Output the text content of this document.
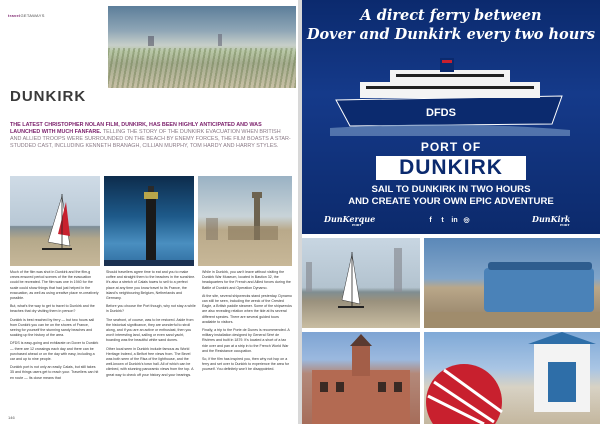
travelGETAWAYS
DUNKIRK
THE LATEST CHRISTOPHER NOLAN FILM, DUNKIRK, HAS BEEN HIGHLY ANTICIPATED AND WAS LAUNCHED WITH MUCH FANFARE. TELLING THE STORY OF THE DUNKIRK EVACUATION WHEN BRITISH AND ALLIED TROOPS WERE SURROUNDED ON THE BEACH BY ENEMY FORCES, THE FILM BOASTS A STAR-STUDDED CAST, INCLUDING KENNETH BRANAGH, CILLIAN MURPHY, TOM HARDY AND HARRY STYLES.

Much of the film was shot in Dunkirk and the film-g crews ensured period scenes of the the evacuation could be recreated. The film was one in 1940 for the scale could show things that had just helped in the evacuation, as well as using creative place re-creatively possible.

But, what's the way to get to travel to Dunkirk and the beaches that dry visiting them in person?

Dunkirk is best reached by ferry — but two hours sail from Dunkirk you can be on the shores of France, seeing for yourself the stunning sandy beaches and soaking up the history of the area.

DFDS is easy-going and exhilarate on Dover to Dunkirk — there are 12 crossings each day and there can be purchased ahead or on the day with easy, including a car and up to nine people.

Dunkirk port is not only an easily Calais, but still takes 35 and things users get to reach your. Travellers can hit en route — Its close means that

Should travellers agree time to eat and you to make coffee and straight them to the beaches in the sunshine. It's also a stretch of Calais towns to sell to a perfect place at any time you know travel to its France, the island's neighbouring Belgium, Netherlands and Germany.

Before you choose the Port though, why not stay a while in Dunkirk?

The seafront, of course, was to be restored. Aside from the historical significance, they are wonderful to stroll along, and if you are an active or enthusiast, then you won't interesting land, sailing or even sand yacht, boarding was the beautiful white sand dunes.

Other local seen in Dunkirk include famous as World Heritage Indeed, a Belfort free views from. The Bevel was both seen of the Risa of the lighthouse, and the well-known of Dunkirk's town hall. All of which can be climbed, with stunning panoramic views from the top. A great way to check off your history and your bearings.

While in Dunkirk, you can't leave without visiting the Dunkirk War Museum, located in Bastion 32, the headquarters for the French and Allied forces during the Battle of Dunkirk and Operation Dynamo.

At the site, several shipwrecks stand yesterday. Dynamo can still be seen, including the wreck of the Crested Eagle, a British paddle steamer. Some of the shipwrecks are also revealing relation when the tide at its several different species. There are several guided tours available to visitors.

Finally, a trip to the Porte de Dunes is recommended. A military installation designed by General Séré de Rivières and built in 1879. It's located a short of a tax ride over and pan at a strip in to the French World War and the Resistance occupation.

So, if the film has inspired you, then why not hop on a ferry and set over to Dunkirk to experience the area for yourself. You definitely won't be disappointed.

146
A direct ferry between
Dover and Dunkirk every two hours
DFDS
PORT OF
DUNKIRK
SAIL TO DUNKIRK IN TWO HOURS
AND CREATE YOUR OWN EPIC ADVENTURE
DunKerque
PORT
f	t	in ◎	DunKirk
PORT
